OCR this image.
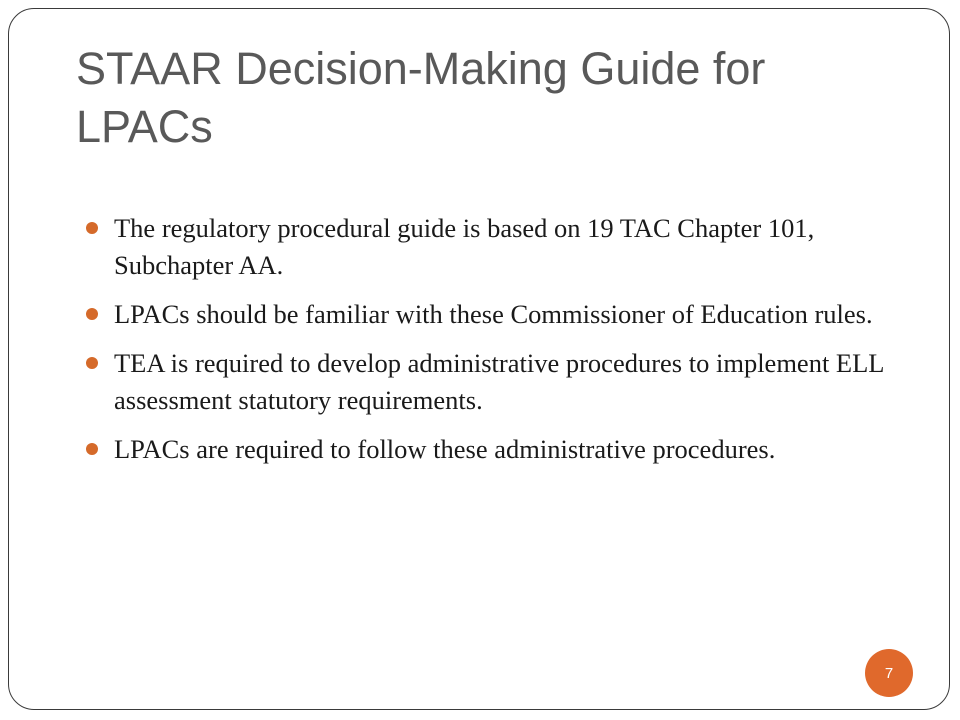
STAAR Decision-Making Guide for LPACs
The regulatory procedural guide is based on 19 TAC Chapter 101, Subchapter AA.
LPACs should be familiar with these Commissioner of Education rules.
TEA is required to develop administrative procedures to implement ELL assessment statutory requirements.
LPACs are required to follow these administrative procedures.
7
